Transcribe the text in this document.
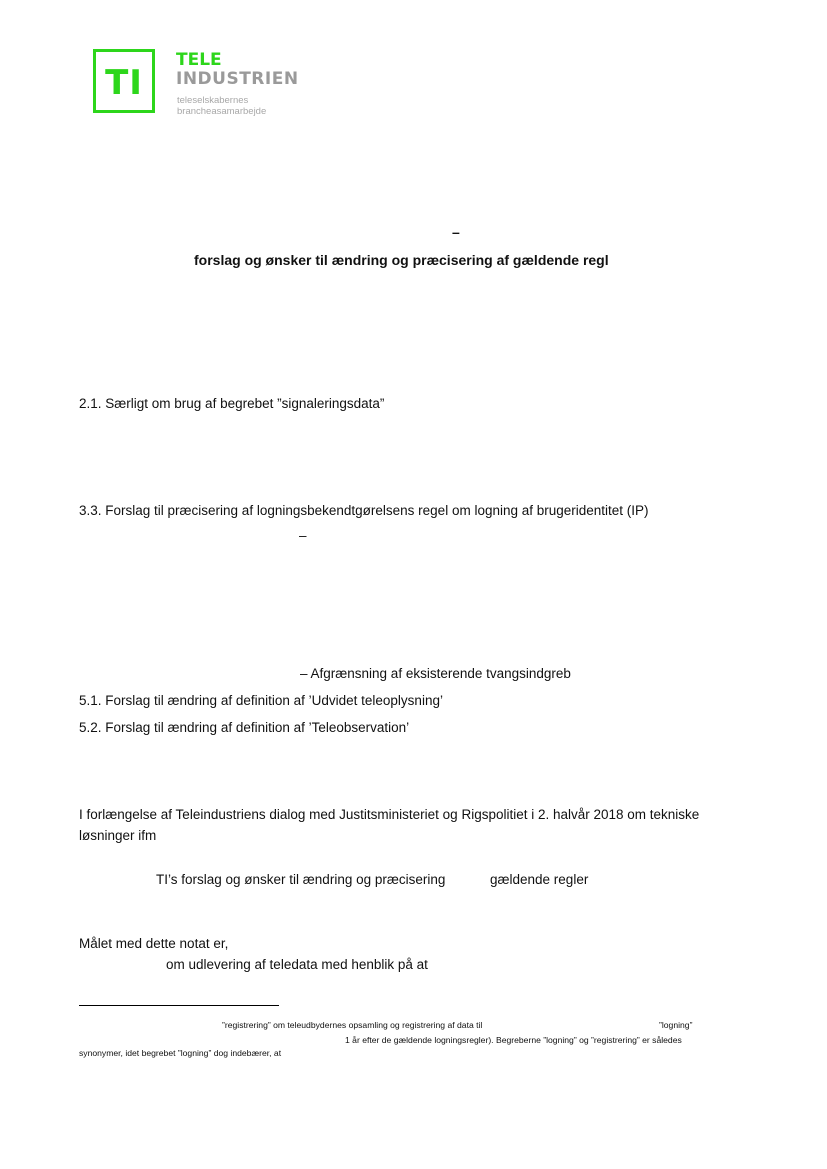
TI
TELE
INDUSTRIEN
teleselskabernes
brancheasamarbejde
–
forslag og ønsker til ændring og præcisering af gældende regl
2.1. Særligt om brug af begrebet ”signaleringsdata”
3.3. Forslag til præcisering af logningsbekendtgørelsens regel om logning af brugeridentitet (IP)
–
– Afgrænsning af eksisterende tvangsindgreb
5.1. Forslag til ændring af definition af ’Udvidet teleoplysning’
5.2. Forslag til ændring af definition af ’Teleobservation’
I forlængelse af Teleindustriens dialog med Justitsministeriet og Rigspolitiet i 2. halvår 2018 om tekniske
løsninger ifm
TI’s forslag og ønsker til ændring og præcisering	gældende regler
Målet med dette notat er,
om udlevering af teledata med henblik på at
”registrering” om teleudbydernes opsamling og registrering af data til	”logning”
1 år efter de gældende logningsregler). Begreberne ”logning” og ”registrering” er således
synonymer, idet begrebet ”logning” dog indebærer, at
